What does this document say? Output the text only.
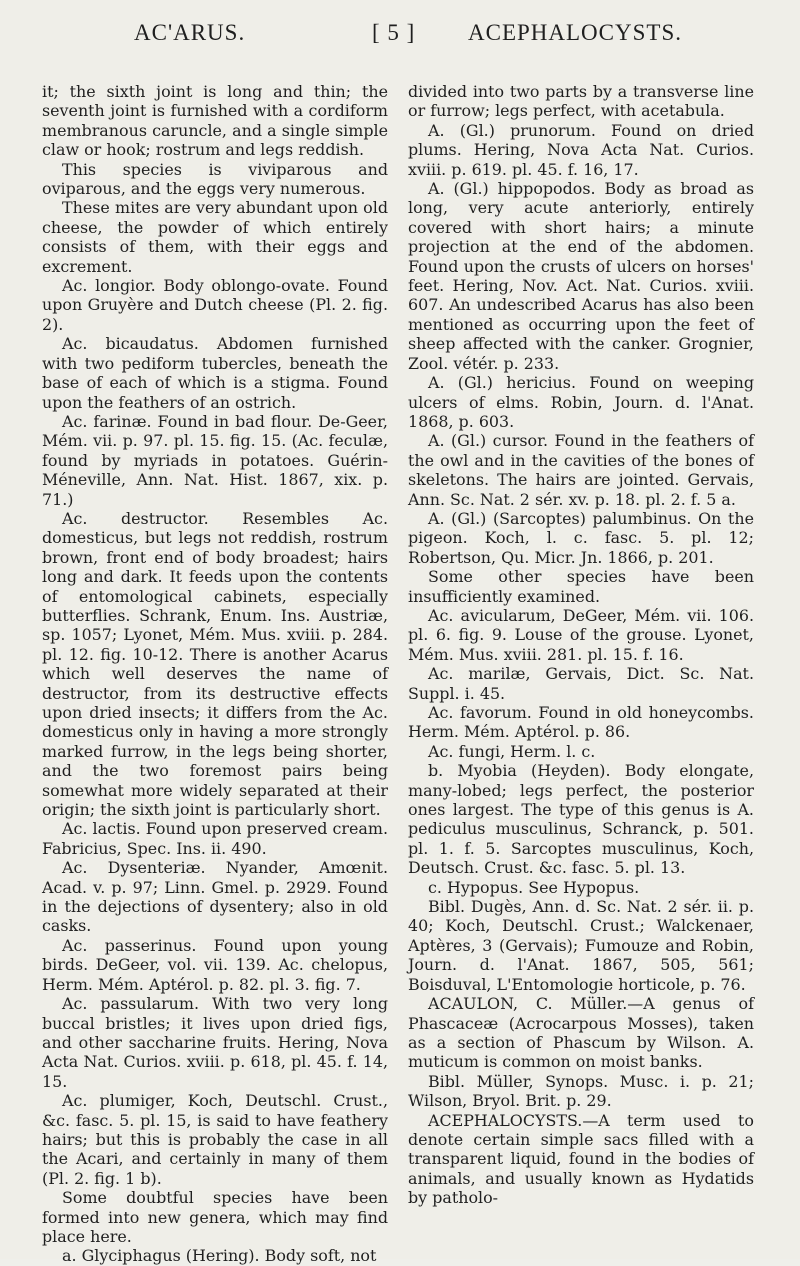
AC'ARUS.	[ 5 ] ACEPHALOCYSTS.

it; the sixth joint is long and thin; the seventh joint is furnished with a cordiform membranous caruncle, and a single simple claw or hook; rostrum and legs reddish.

This species is viviparous and oviparous, and the eggs very numerous.

These mites are very abundant upon old cheese, the powder of which entirely consists of them, with their eggs and excrement.

Ac. longior. Body oblongo-ovate. Found upon Gruyère and Dutch cheese (Pl. 2. fig. 2).

Ac. bicaudatus. Abdomen furnished with two pediform tubercles, beneath the base of each of which is a stigma. Found upon the feathers of an ostrich.

Ac. farinæ. Found in bad flour. De-Geer, Mém. vii. p. 97. pl. 15. fig. 15. (Ac. feculæ, found by myriads in potatoes. Guérin-Méneville, Ann. Nat. Hist. 1867, xix. p. 71.)

Ac. destructor. Resembles Ac. domesticus, but legs not reddish, rostrum brown, front end of body broadest; hairs long and dark. It feeds upon the contents of entomological cabinets, especially butterflies. Schrank, Enum. Ins. Austriæ, sp. 1057; Lyonet, Mém. Mus. xviii. p. 284. pl. 12. fig. 10-12. There is another Acarus which well deserves the name of destructor, from its destructive effects upon dried insects; it differs from the Ac. domesticus only in having a more strongly marked furrow, in the legs being shorter, and the two foremost pairs being somewhat more widely separated at their origin; the sixth joint is particularly short.

Ac. lactis. Found upon preserved cream. Fabricius, Spec. Ins. ii. 490.

Ac. Dysenteriæ. Nyander, Amœnit. Acad. v. p. 97; Linn. Gmel. p. 2929. Found in the dejections of dysentery; also in old casks.

Ac. passerinus. Found upon young birds. DeGeer, vol. vii. 139. Ac. chelopus, Herm. Mém. Aptérol. p. 82. pl. 3. fig. 7.

Ac. passularum. With two very long buccal bristles; it lives upon dried figs, and other saccharine fruits. Hering, Nova Acta Nat. Curios. xviii. p. 618, pl. 45. f. 14, 15.

Ac. plumiger, Koch, Deutschl. Crust., &c. fasc. 5. pl. 15, is said to have feathery hairs; but this is probably the case in all the Acari, and certainly in many of them (Pl. 2. fig. 1 b).

Some doubtful species have been formed into new genera, which may find place here.

a. Glyciphagus (Hering). Body soft, not

divided into two parts by a transverse line or furrow; legs perfect, with acetabula.

A. (Gl.) prunorum. Found on dried plums. Hering, Nova Acta Nat. Curios. xviii. p. 619. pl. 45. f. 16, 17.

A. (Gl.) hippopodos. Body as broad as long, very acute anteriorly, entirely covered with short hairs; a minute projection at the end of the abdomen. Found upon the crusts of ulcers on horses' feet. Hering, Nov. Act. Nat. Curios. xviii. 607. An undescribed Acarus has also been mentioned as occurring upon the feet of sheep affected with the canker. Grognier, Zool. vétér. p. 233.

A. (Gl.) hericius. Found on weeping ulcers of elms. Robin, Journ. d. l'Anat. 1868, p. 603.

A. (Gl.) cursor. Found in the feathers of the owl and in the cavities of the bones of skeletons. The hairs are jointed. Gervais, Ann. Sc. Nat. 2 sér. xv. p. 18. pl. 2. f. 5 a.

A. (Gl.) (Sarcoptes) palumbinus. On the pigeon. Koch, l. c. fasc. 5. pl. 12; Robertson, Qu. Micr. Jn. 1866, p. 201.

Some other species have been insufficiently examined.

Ac. avicularum, DeGeer, Mém. vii. 106. pl. 6. fig. 9. Louse of the grouse. Lyonet, Mém. Mus. xviii. 281. pl. 15. f. 16.

Ac. marilæ, Gervais, Dict. Sc. Nat. Suppl. i. 45.

Ac. favorum. Found in old honeycombs. Herm. Mém. Aptérol. p. 86.

Ac. fungi, Herm. l. c.

b. Myobia (Heyden). Body elongate, many-lobed; legs perfect, the posterior ones largest. The type of this genus is A. pediculus musculinus, Schranck, p. 501. pl. 1. f. 5. Sarcoptes musculinus, Koch, Deutsch. Crust. &c. fasc. 5. pl. 13.

c. Hypopus. See Hypopus.

Bibl. Dugès, Ann. d. Sc. Nat. 2 sér. ii. p. 40; Koch, Deutschl. Crust.; Walckenaer, Aptères, 3 (Gervais); Fumouze and Robin, Journ. d. l'Anat. 1867, 505, 561; Boisduval, L'Entomologie horticole, p. 76.

ACAULON, C. Müller.—A genus of Phascaceæ (Acrocarpous Mosses), taken as a section of Phascum by Wilson. A. muticum is common on moist banks.

Bibl. Müller, Synops. Musc. i. p. 21; Wilson, Bryol. Brit. p. 29.

ACEPHALOCYSTS.—A term used to denote certain simple sacs filled with a transparent liquid, found in the bodies of animals, and usually known as Hydatids by patholo-
